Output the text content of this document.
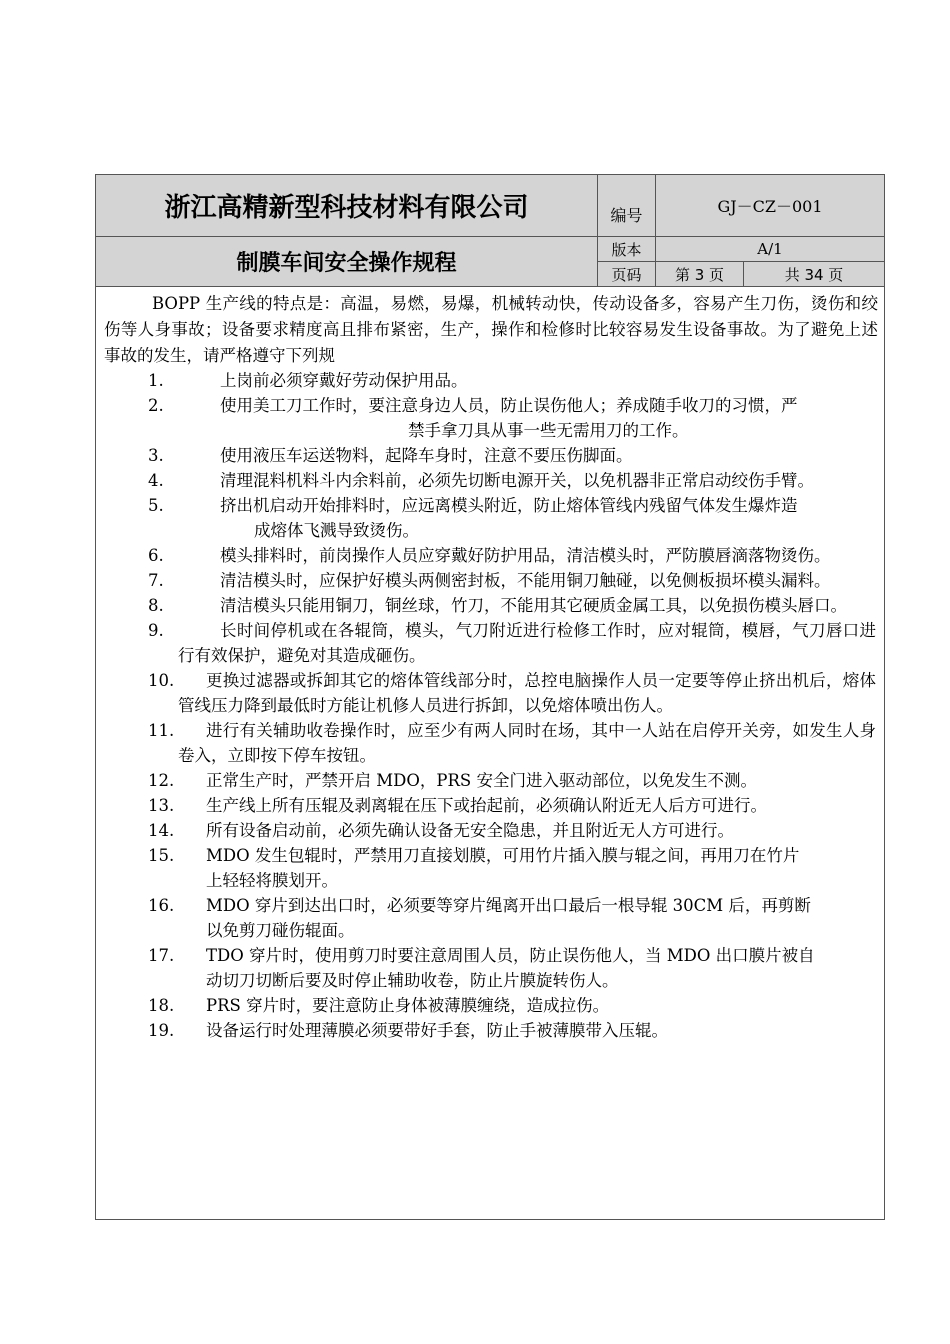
浙江高精新型科技材料有限公司
制膜车间安全操作规程
编号	GJ－CZ－001
版本	A/1
页码	第 3 页	共 34 页

BOPP 生产线的特点是：高温，易燃，易爆，机械转动快，传动设备多，容易产生刀伤，烫伤和绞伤等人身事故；设备要求精度高且排布紧密，生产，操作和检修时比较容易发生设备事故。为了避免上述事故的发生，请严格遵守下列规

1.	上岗前必须穿戴好劳动保护用品。
2.	使用美工刀工作时，要注意身边人员，防止误伤他人；养成随手收刀的习惯，严
禁手拿刀具从事一些无需用刀的工作。
3.	使用液压车运送物料，起降车身时，注意不要压伤脚面。
4.	清理混料机料斗内余料前，必须先切断电源开关，以免机器非正常启动绞伤手臂。
5.	挤出机启动开始排料时，应远离模头附近，防止熔体管线内残留气体发生爆炸造
成熔体飞溅导致烫伤。
6.	模头排料时，前岗操作人员应穿戴好防护用品，清洁模头时，严防膜唇滴落物烫伤。
7.	清洁模头时，应保护好模头两侧密封板，不能用铜刀触碰，以免侧板损坏模头漏料。
8.	清洁模头只能用铜刀，铜丝球，竹刀，不能用其它硬质金属工具，以免损伤模头唇口。
9.	长时间停机或在各辊筒，模头，气刀附近进行检修工作时，应对辊筒，模唇，气刀唇口进行有效保护，避免对其造成砸伤。
10.	更换过滤器或拆卸其它的熔体管线部分时，总控电脑操作人员一定要等停止挤出机后，熔体管线压力降到最低时方能让机修人员进行拆卸，以免熔体喷出伤人。
11.	进行有关辅助收卷操作时，应至少有两人同时在场，其中一人站在启停开关旁，如发生人身卷入，立即按下停车按钮。
12.	正常生产时，严禁开启 MDO，PRS 安全门进入驱动部位，以免发生不测。
13.	生产线上所有压辊及剥离辊在压下或抬起前，必须确认附近无人后方可进行。
14.	所有设备启动前，必须先确认设备无安全隐患，并且附近无人方可进行。
15.	MDO 发生包辊时，严禁用刀直接划膜，可用竹片插入膜与辊之间，再用刀在竹片
上轻轻将膜划开。
16.	MDO 穿片到达出口时，必须要等穿片绳离开出口最后一根导辊 30CM 后，再剪断
以免剪刀碰伤辊面。
17.	TDO 穿片时，使用剪刀时要注意周围人员，防止误伤他人，当 MDO 出口膜片被自
动切刀切断后要及时停止辅助收卷，防止片膜旋转伤人。
18.	PRS 穿片时，要注意防止身体被薄膜缠绕，造成拉伤。
19.	设备运行时处理薄膜必须要带好手套，防止手被薄膜带入压辊。
